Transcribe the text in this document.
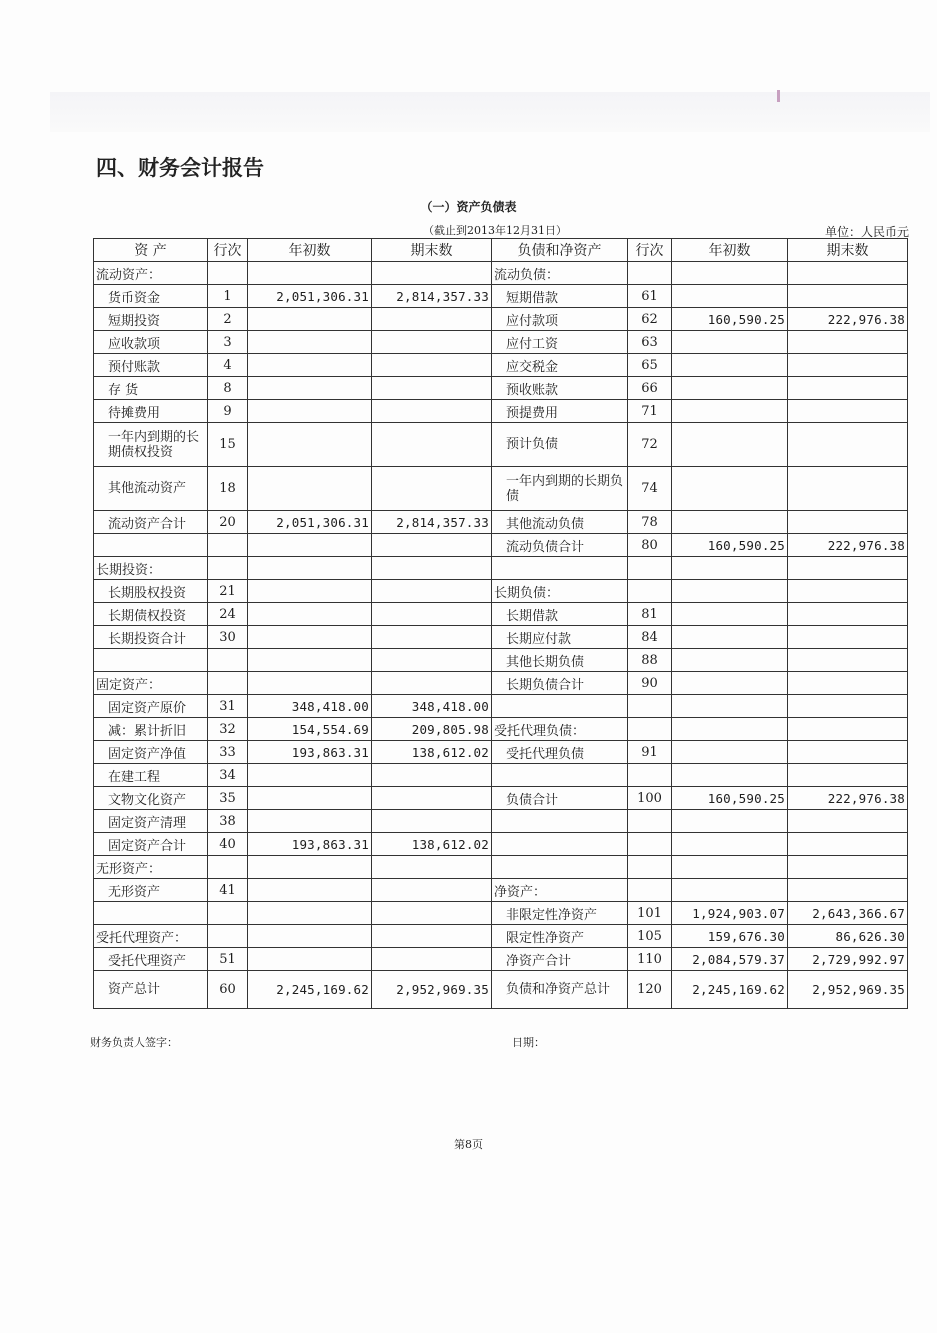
四、财务会计报告
（一）资产负债表
（截止到2013年12月31日）	单位：人民币元
资 产	行次	年初数	期末数	负债和净资产	行次	年初数	期末数
流动资产：				流动负债：			
货币资金	1	2,051,306.31	2,814,357.33	短期借款	61		
短期投资	2			应付款项	62	160,590.25	222,976.38
应收款项	3			应付工资	63		
预付账款	4			应交税金	65		
存 货	8			预收账款	66		
待摊费用	9			预提费用	71		
一年内到期的长期债权投资	15			预计负债	72		
其他流动资产	18			一年内到期的长期负债	74		
流动资产合计	20	2,051,306.31	2,814,357.33	其他流动负债	78		
				流动负债合计	80	160,590.25	222,976.38
长期投资：							
长期股权投资	21			长期负债：			
长期债权投资	24			长期借款	81		
长期投资合计	30			长期应付款	84		
				其他长期负债	88		
固定资产：				长期负债合计	90		
固定资产原价	31	348,418.00	348,418.00				
减：累计折旧	32	154,554.69	209,805.98	受托代理负债：			
固定资产净值	33	193,863.31	138,612.02	受托代理负债	91		
在建工程	34						
文物文化资产	35			负债合计	100	160,590.25	222,976.38
固定资产清理	38						
固定资产合计	40	193,863.31	138,612.02				
无形资产：							
无形资产	41			净资产：			
				非限定性净资产	101	1,924,903.07	2,643,366.67
受托代理资产：				限定性净资产	105	159,676.30	86,626.30
受托代理资产	51			净资产合计	110	2,084,579.37	2,729,992.97
资产总计	60	2,245,169.62	2,952,969.35	负债和净资产总计	120	2,245,169.62	2,952,969.35
财务负责人签字：	日期：
第8页
